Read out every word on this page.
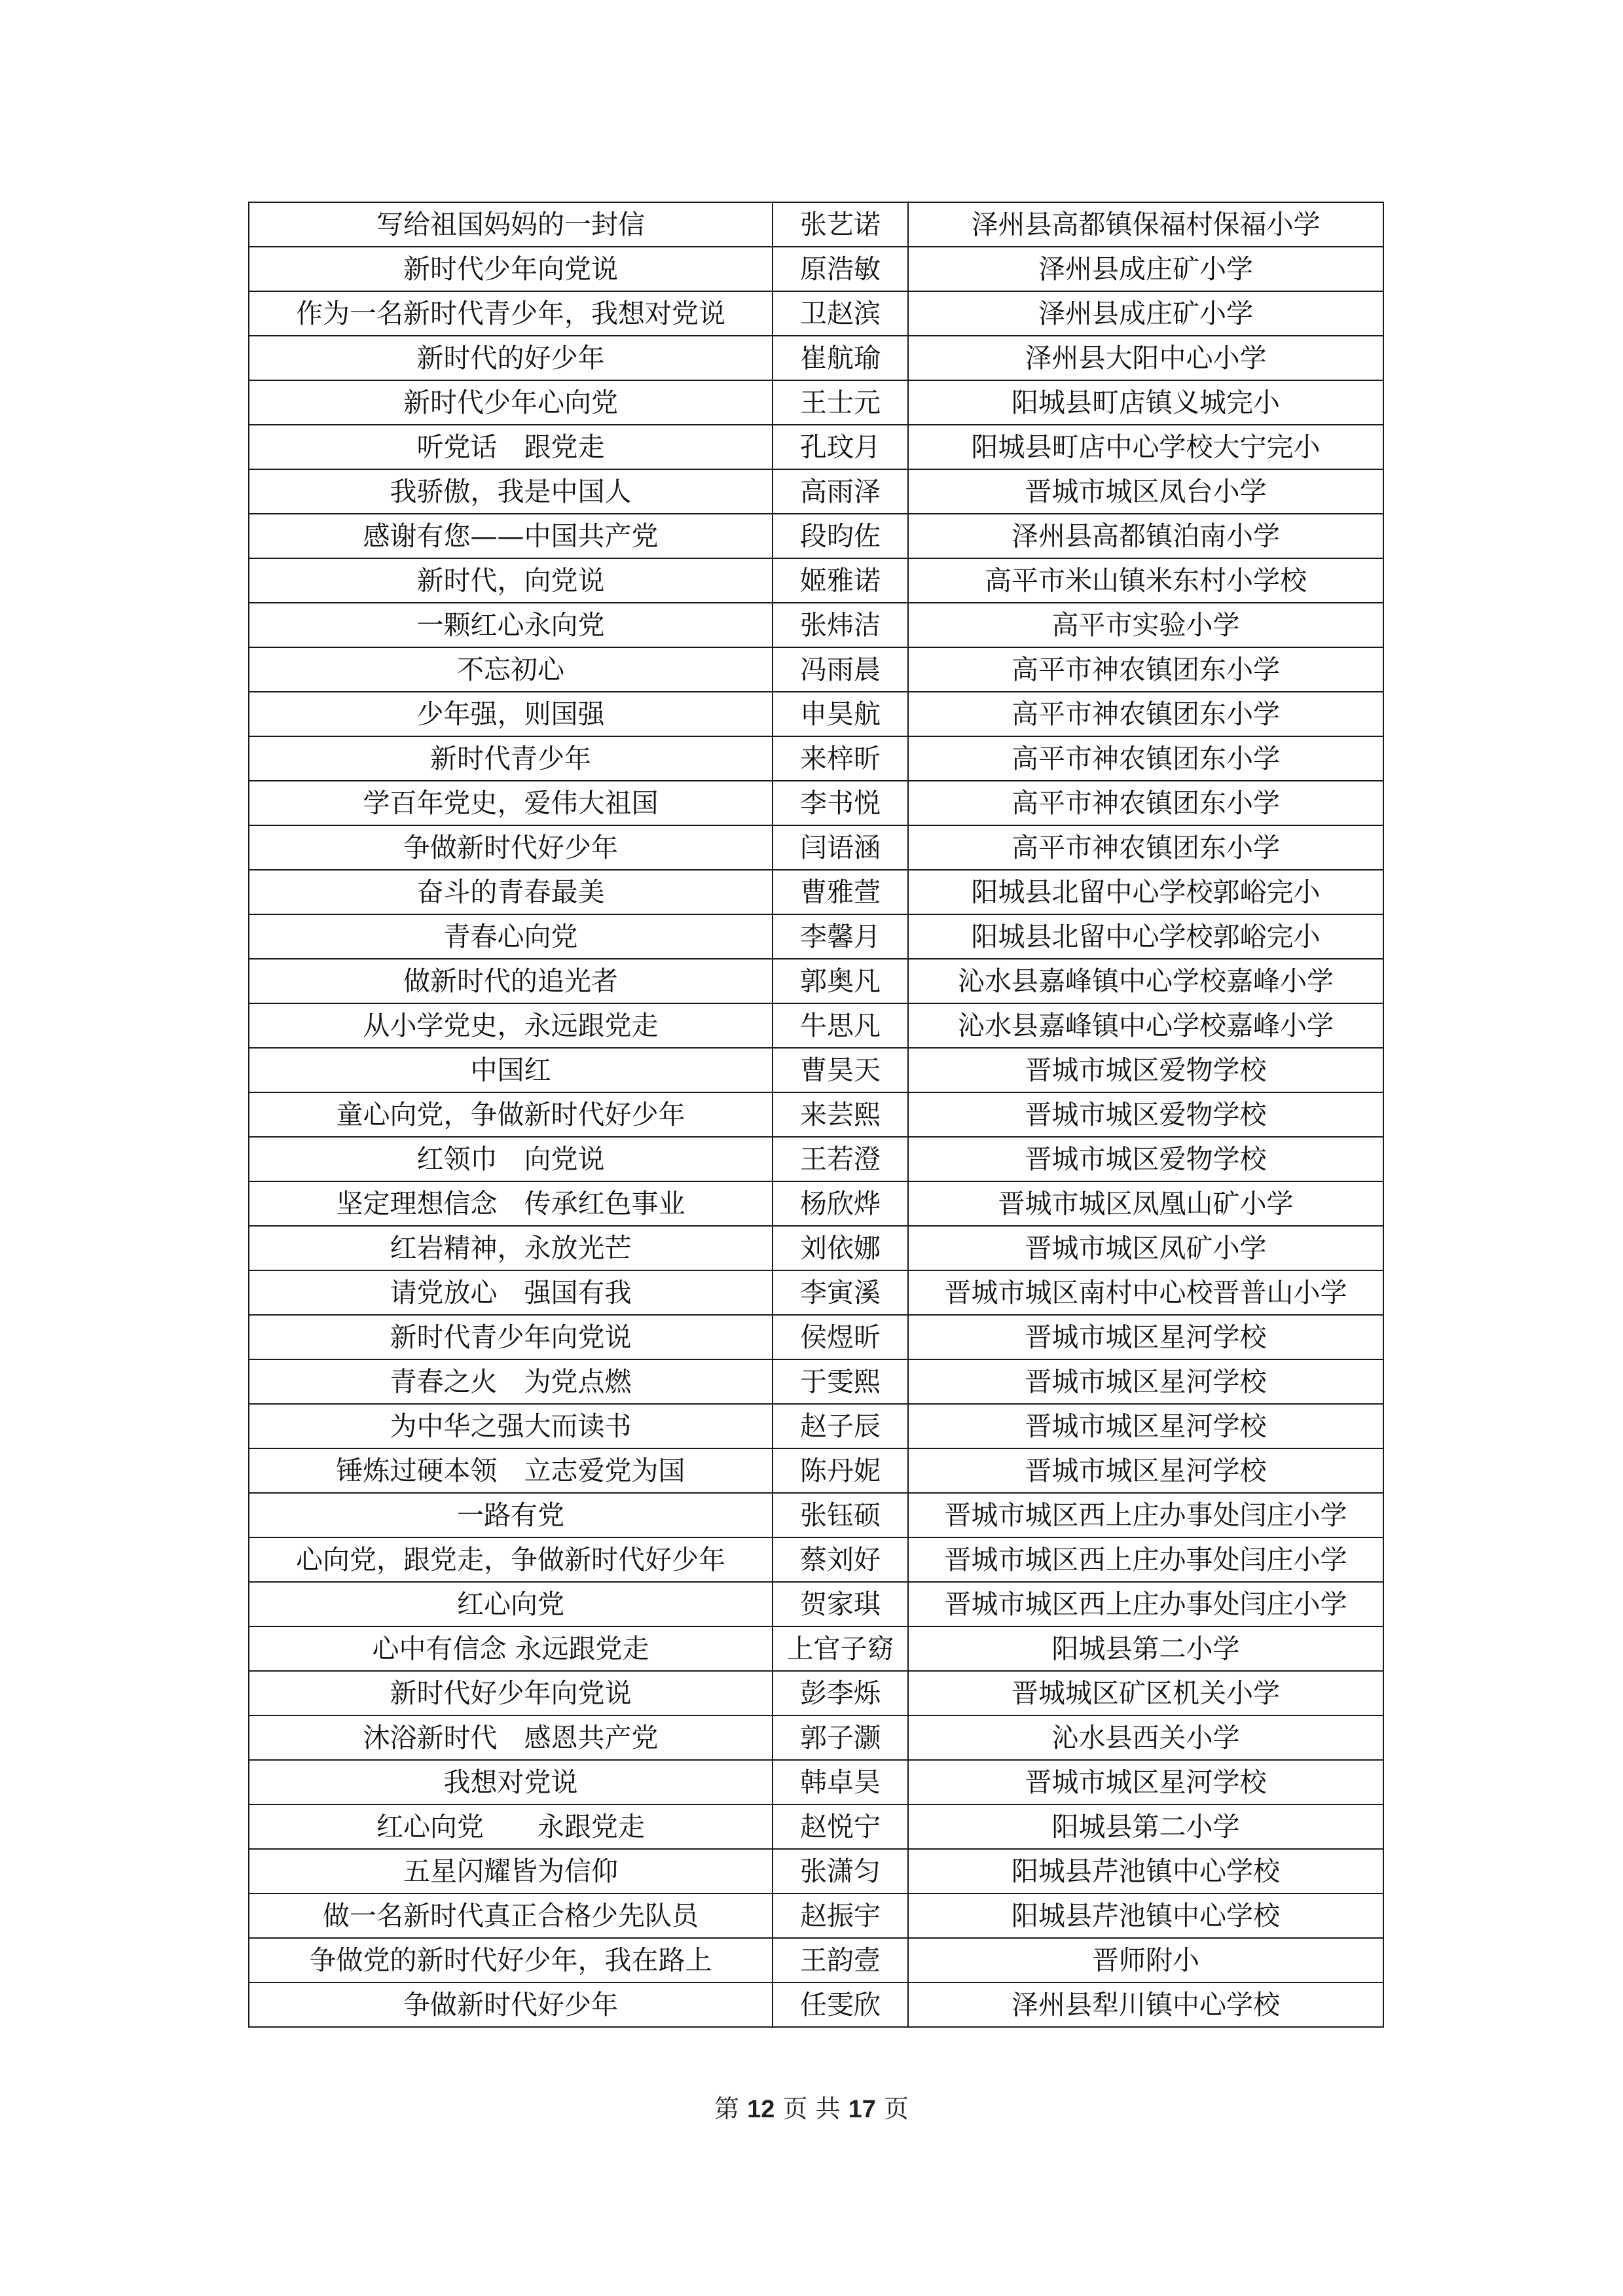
写给祖国妈妈的一封信	张艺诺	泽州县高都镇保福村保福小学
新时代少年向党说	原浩敏	泽州县成庄矿小学
作为一名新时代青少年，我想对党说	卫赵滨	泽州县成庄矿小学
新时代的好少年	崔航瑜	泽州县大阳中心小学
新时代少年心向党	王士元	阳城县町店镇义城完小
听党话　跟党走	孔玟月	阳城县町店中心学校大宁完小
我骄傲，我是中国人	高雨泽	晋城市城区凤台小学
感谢有您——中国共产党	段昀佐	泽州县高都镇泊南小学
新时代，向党说	姬雅诺	高平市米山镇米东村小学校
一颗红心永向党	张炜洁	高平市实验小学
不忘初心	冯雨晨	高平市神农镇团东小学
少年强，则国强	申昊航	高平市神农镇团东小学
新时代青少年	来梓昕	高平市神农镇团东小学
学百年党史，爱伟大祖国	李书悦	高平市神农镇团东小学
争做新时代好少年	闫语涵	高平市神农镇团东小学
奋斗的青春最美	曹雅萱	阳城县北留中心学校郭峪完小
青春心向党	李馨月	阳城县北留中心学校郭峪完小
做新时代的追光者	郭奥凡	沁水县嘉峰镇中心学校嘉峰小学
从小学党史，永远跟党走	牛思凡	沁水县嘉峰镇中心学校嘉峰小学
中国红	曹昊天	晋城市城区爱物学校
童心向党，争做新时代好少年	来芸熙	晋城市城区爱物学校
红领巾　向党说	王若澄	晋城市城区爱物学校
坚定理想信念　传承红色事业	杨欣烨	晋城市城区凤凰山矿小学
红岩精神，永放光芒	刘依娜	晋城市城区凤矿小学
请党放心　强国有我	李寅溪	晋城市城区南村中心校晋普山小学
新时代青少年向党说	侯煜昕	晋城市城区星河学校
青春之火　为党点燃	于雯熙	晋城市城区星河学校
为中华之强大而读书	赵子辰	晋城市城区星河学校
锤炼过硬本领　立志爱党为国	陈丹妮	晋城市城区星河学校
一路有党	张钰硕	晋城市城区西上庄办事处闫庄小学
心向党，跟党走，争做新时代好少年	蔡刘好	晋城市城区西上庄办事处闫庄小学
红心向党	贺家琪	晋城市城区西上庄办事处闫庄小学
心中有信念 永远跟党走	上官子窈	阳城县第二小学
新时代好少年向党说	彭李烁	晋城城区矿区机关小学
沐浴新时代　感恩共产党	郭子灏	沁水县西关小学
我想对党说	韩卓昊	晋城市城区星河学校
红心向党　　永跟党走	赵悦宁	阳城县第二小学
五星闪耀皆为信仰	张潇匀	阳城县芹池镇中心学校
做一名新时代真正合格少先队员	赵振宇	阳城县芹池镇中心学校
争做党的新时代好少年，我在路上	王韵壹	晋师附小
争做新时代好少年	任雯欣	泽州县犁川镇中心学校
第 12 页 共 17 页
